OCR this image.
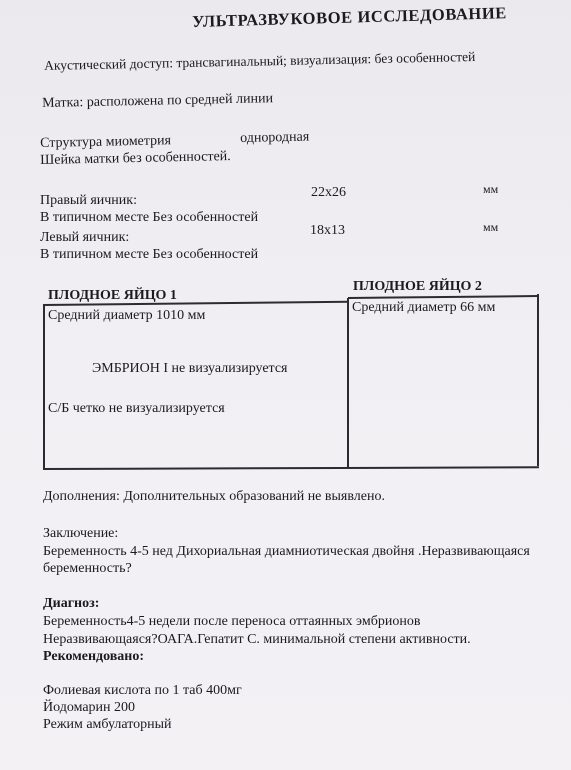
УЛЬТРАЗВУКОВОЕ ИССЛЕДОВАНИЕ
Акустический доступ: трансвагинальный; визуализация: без особенностей
Матка: расположена по средней линии
Структура миометрия	однородная
Шейка матки без особенностей.
Правый яичник:
22х26	мм
В типичном месте Без особенностей
Левый яичник:	18х13	мм
В типичном месте Без особенностей
ПЛОДНОЕ ЯЙЦО 1
ПЛОДНОЕ ЯЙЦО 2
Средний диаметр 1010 мм
ЭМБРИОН I не визуализируется
С/Б четко не визуализируется
Средний диаметр 66 мм
Дополнения: Дополнительных образований не выявлено.
Заключение:
Беременность 4-5 нед Дихориальная диамниотическая двойня .Неразвивающаяся беременность?
Диагноз:
Беременность4-5 недели после переноса оттаянных эмбрионов
Неразвивающаяся?ОАГА.Гепатит С. минимальной степени активности.
Рекомендовано:
Фолиевая кислота по 1 таб 400мг
Йодомарин 200
Режим амбулаторный
